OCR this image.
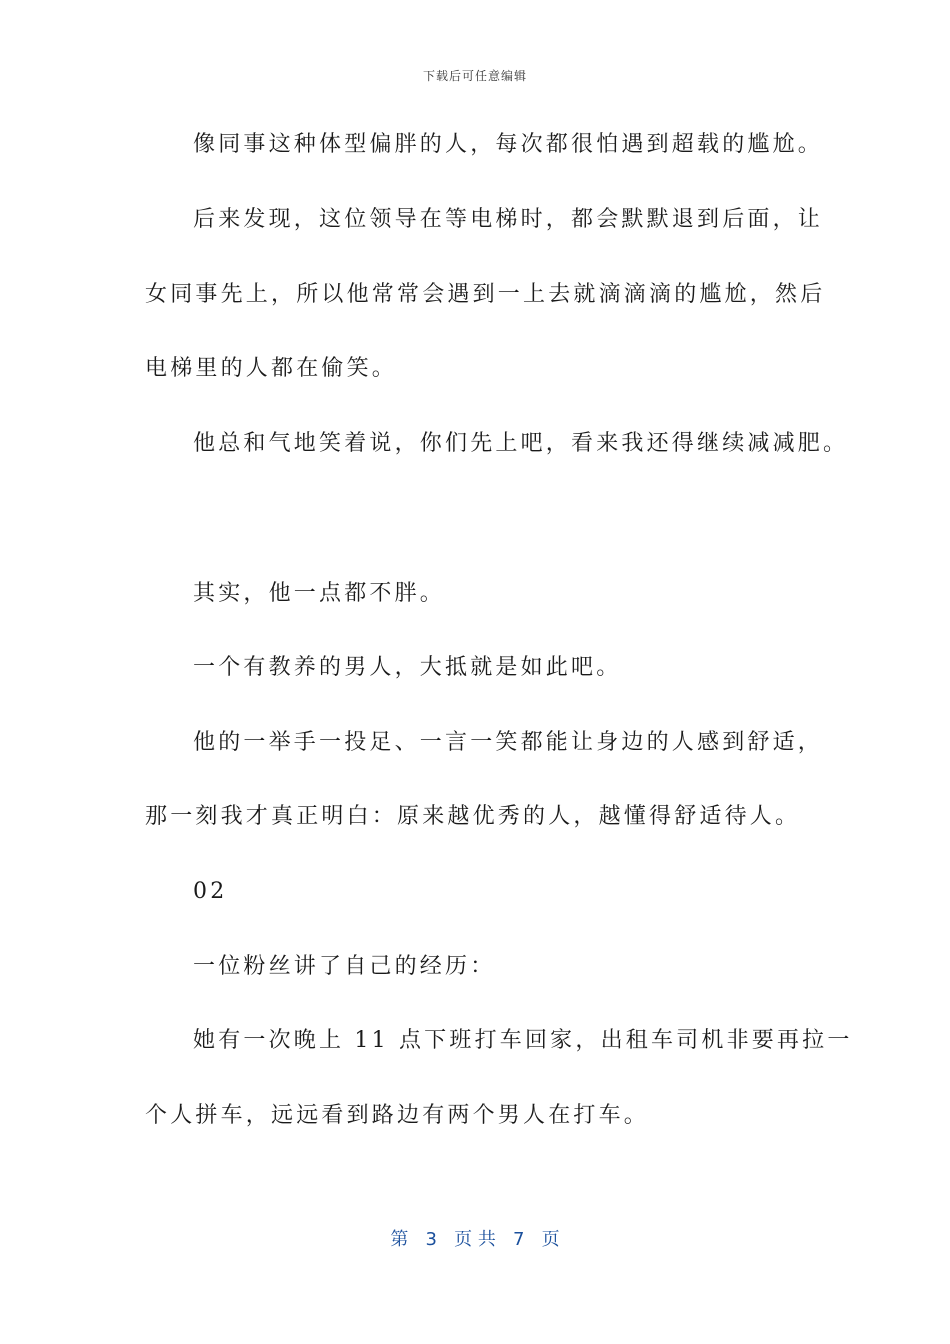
下载后可任意编辑
像同事这种体型偏胖的人，每次都很怕遇到超载的尴尬。
后来发现，这位领导在等电梯时，都会默默退到后面，让
女同事先上，所以他常常会遇到一上去就滴滴滴的尴尬，然后
电梯里的人都在偷笑。
他总和气地笑着说，你们先上吧，看来我还得继续减减肥。
其实，他一点都不胖。
一个有教养的男人，大抵就是如此吧。
他的一举手一投足、一言一笑都能让身边的人感到舒适，
那一刻我才真正明白：原来越优秀的人，越懂得舒适待人。
02
一位粉丝讲了自己的经历：
她有一次晚上 11 点下班打车回家，出租车司机非要再拉一
个人拼车，远远看到路边有两个男人在打车。
第 3 页 共 7 页
